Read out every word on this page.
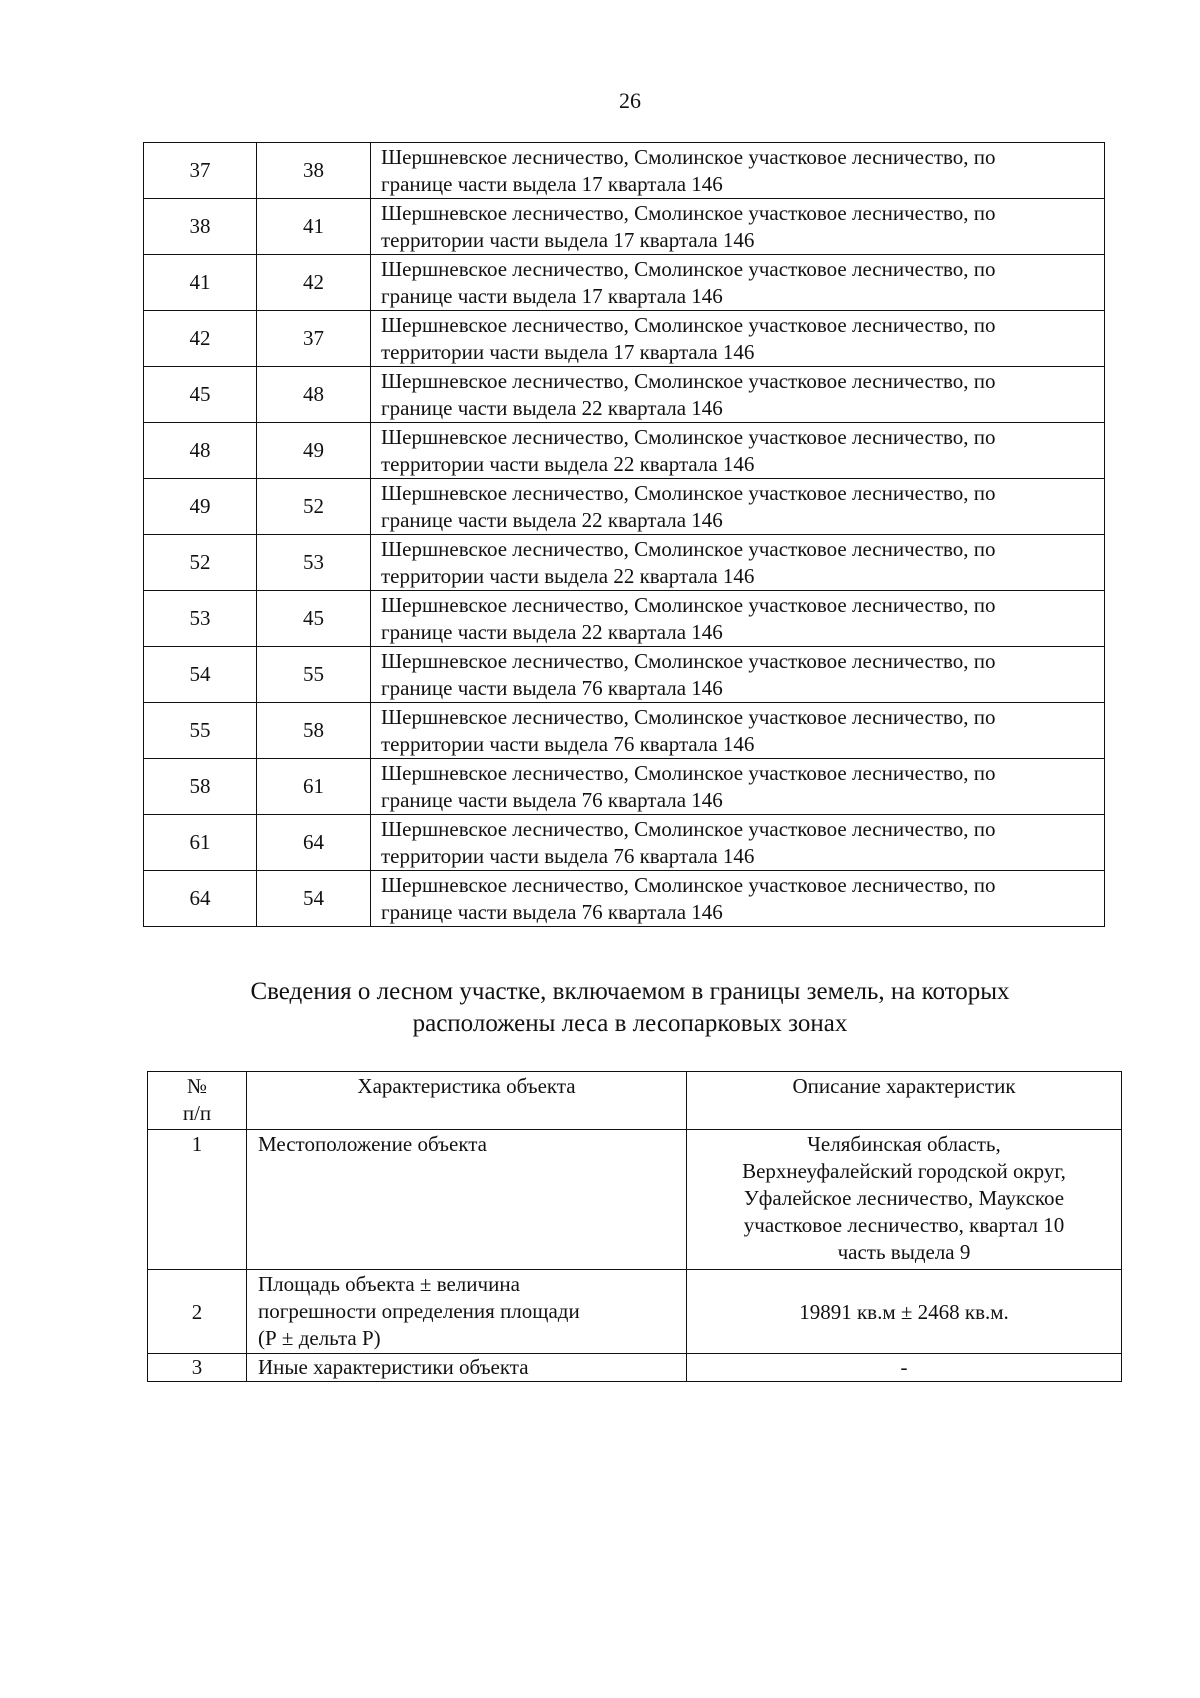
26
37	38	Шершневское лесничество, Смолинское участковое лесничество, по
границе части выдела 17 квартала 146
38	41	Шершневское лесничество, Смолинское участковое лесничество, по
территории части выдела 17 квартала 146
41	42	Шершневское лесничество, Смолинское участковое лесничество, по
границе части выдела 17 квартала 146
42	37	Шершневское лесничество, Смолинское участковое лесничество, по
территории части выдела 17 квартала 146
45	48	Шершневское лесничество, Смолинское участковое лесничество, по
границе части выдела 22 квартала 146
48	49	Шершневское лесничество, Смолинское участковое лесничество, по
территории части выдела 22 квартала 146
49	52	Шершневское лесничество, Смолинское участковое лесничество, по
границе части выдела 22 квартала 146
52	53	Шершневское лесничество, Смолинское участковое лесничество, по
территории части выдела 22 квартала 146
53	45	Шершневское лесничество, Смолинское участковое лесничество, по
границе части выдела 22 квартала 146
54	55	Шершневское лесничество, Смолинское участковое лесничество, по
границе части выдела 76 квартала 146
55	58	Шершневское лесничество, Смолинское участковое лесничество, по
территории части выдела 76 квартала 146
58	61	Шершневское лесничество, Смолинское участковое лесничество, по
границе части выдела 76 квартала 146
61	64	Шершневское лесничество, Смолинское участковое лесничество, по
территории части выдела 76 квартала 146
64	54	Шершневское лесничество, Смолинское участковое лесничество, по
границе части выдела 76 квартала 146
Сведения о лесном участке, включаемом в границы земель, на которых
расположены леса в лесопарковых зонах
№
п/п	Характеристика объекта	Описание характеристик
1	Местоположение объекта	Челябинская область,
Верхнеуфалейский городской округ,
Уфалейское лесничество, Маукское
участковое лесничество, квартал 10
часть выдела 9
2	Площадь объекта ± величина
погрешности определения площади
(Р ± дельта Р)	19891 кв.м ± 2468 кв.м.
3	Иные характеристики объекта	-
